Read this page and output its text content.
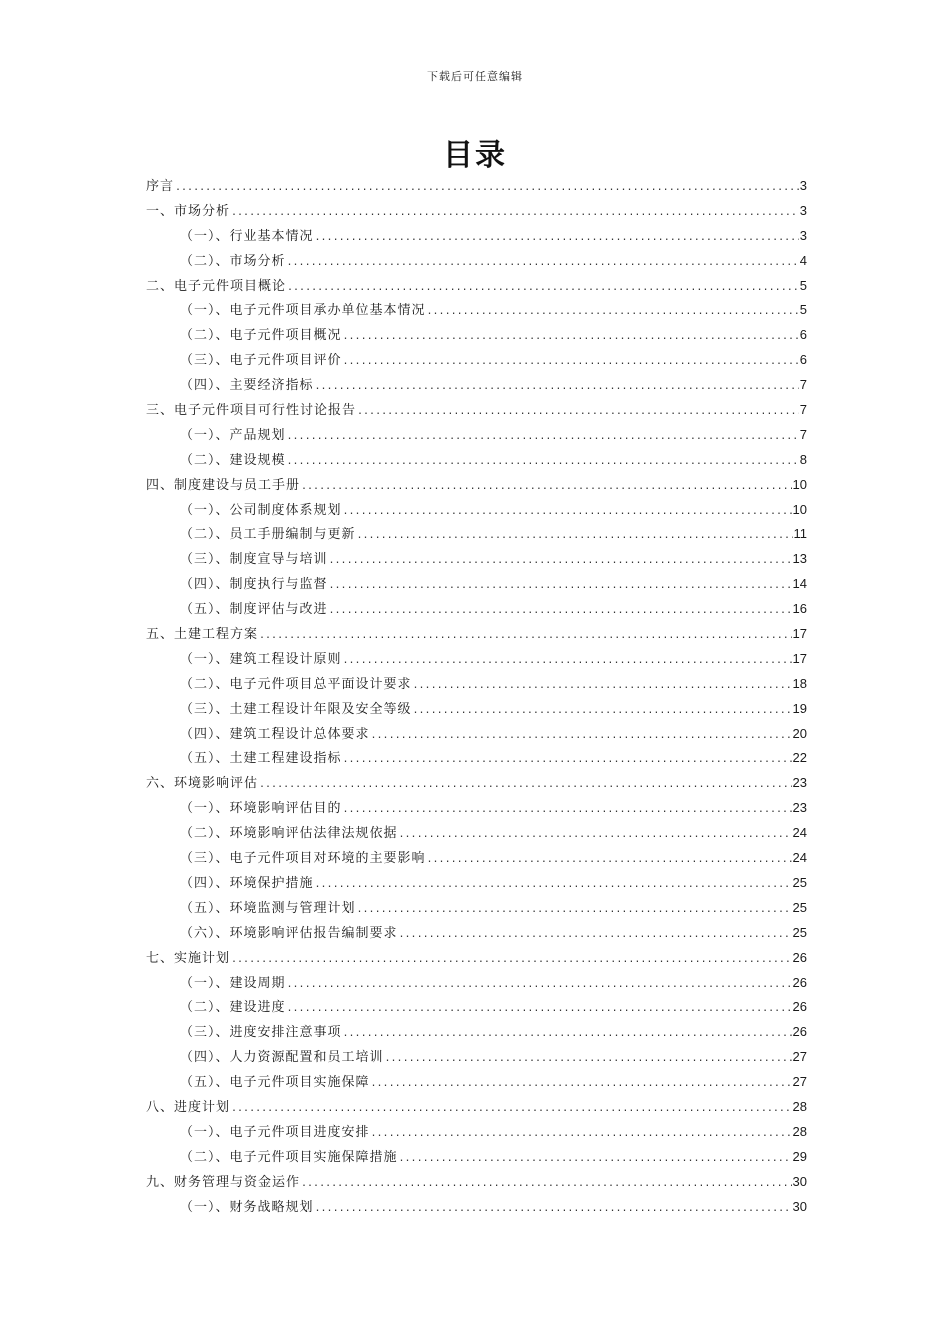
下载后可任意编辑
目录
序言 .....	3
一、市场分析 .....	3
（一）、行业基本情况 .....	3
（二）、市场分析 .....	4
二、电子元件项目概论 .....	5
（一）、电子元件项目承办单位基本情况 .....	5
（二）、电子元件项目概况 .....	6
（三）、电子元件项目评价 .....	6
（四）、主要经济指标 .....	7
三、电子元件项目可行性讨论报告 .....	7
（一）、产品规划 .....	7
（二）、建设规模 .....	8
四、制度建设与员工手册 .....	10
（一）、公司制度体系规划 .....	10
（二）、员工手册编制与更新 .....	11
（三）、制度宣导与培训 .....	13
（四）、制度执行与监督 .....	14
（五）、制度评估与改进 .....	16
五、土建工程方案 .....	17
（一）、建筑工程设计原则 .....	17
（二）、电子元件项目总平面设计要求 .....	18
（三）、土建工程设计年限及安全等级 .....	19
（四）、建筑工程设计总体要求 .....	20
（五）、土建工程建设指标 .....	22
六、环境影响评估 .....	23
（一）、环境影响评估目的 .....	23
（二）、环境影响评估法律法规依据 .....	24
（三）、电子元件项目对环境的主要影响 .....	24
（四）、环境保护措施 .....	25
（五）、环境监测与管理计划 .....	25
（六）、环境影响评估报告编制要求 .....	25
七、实施计划 .....	26
（一）、建设周期 .....	26
（二）、建设进度 .....	26
（三）、进度安排注意事项 .....	26
（四）、人力资源配置和员工培训 .....	27
（五）、电子元件项目实施保障 .....	27
八、进度计划 .....	28
（一）、电子元件项目进度安排 .....	28
（二）、电子元件项目实施保障措施 .....	29
九、财务管理与资金运作 .....	30
（一）、财务战略规划 .....	30
